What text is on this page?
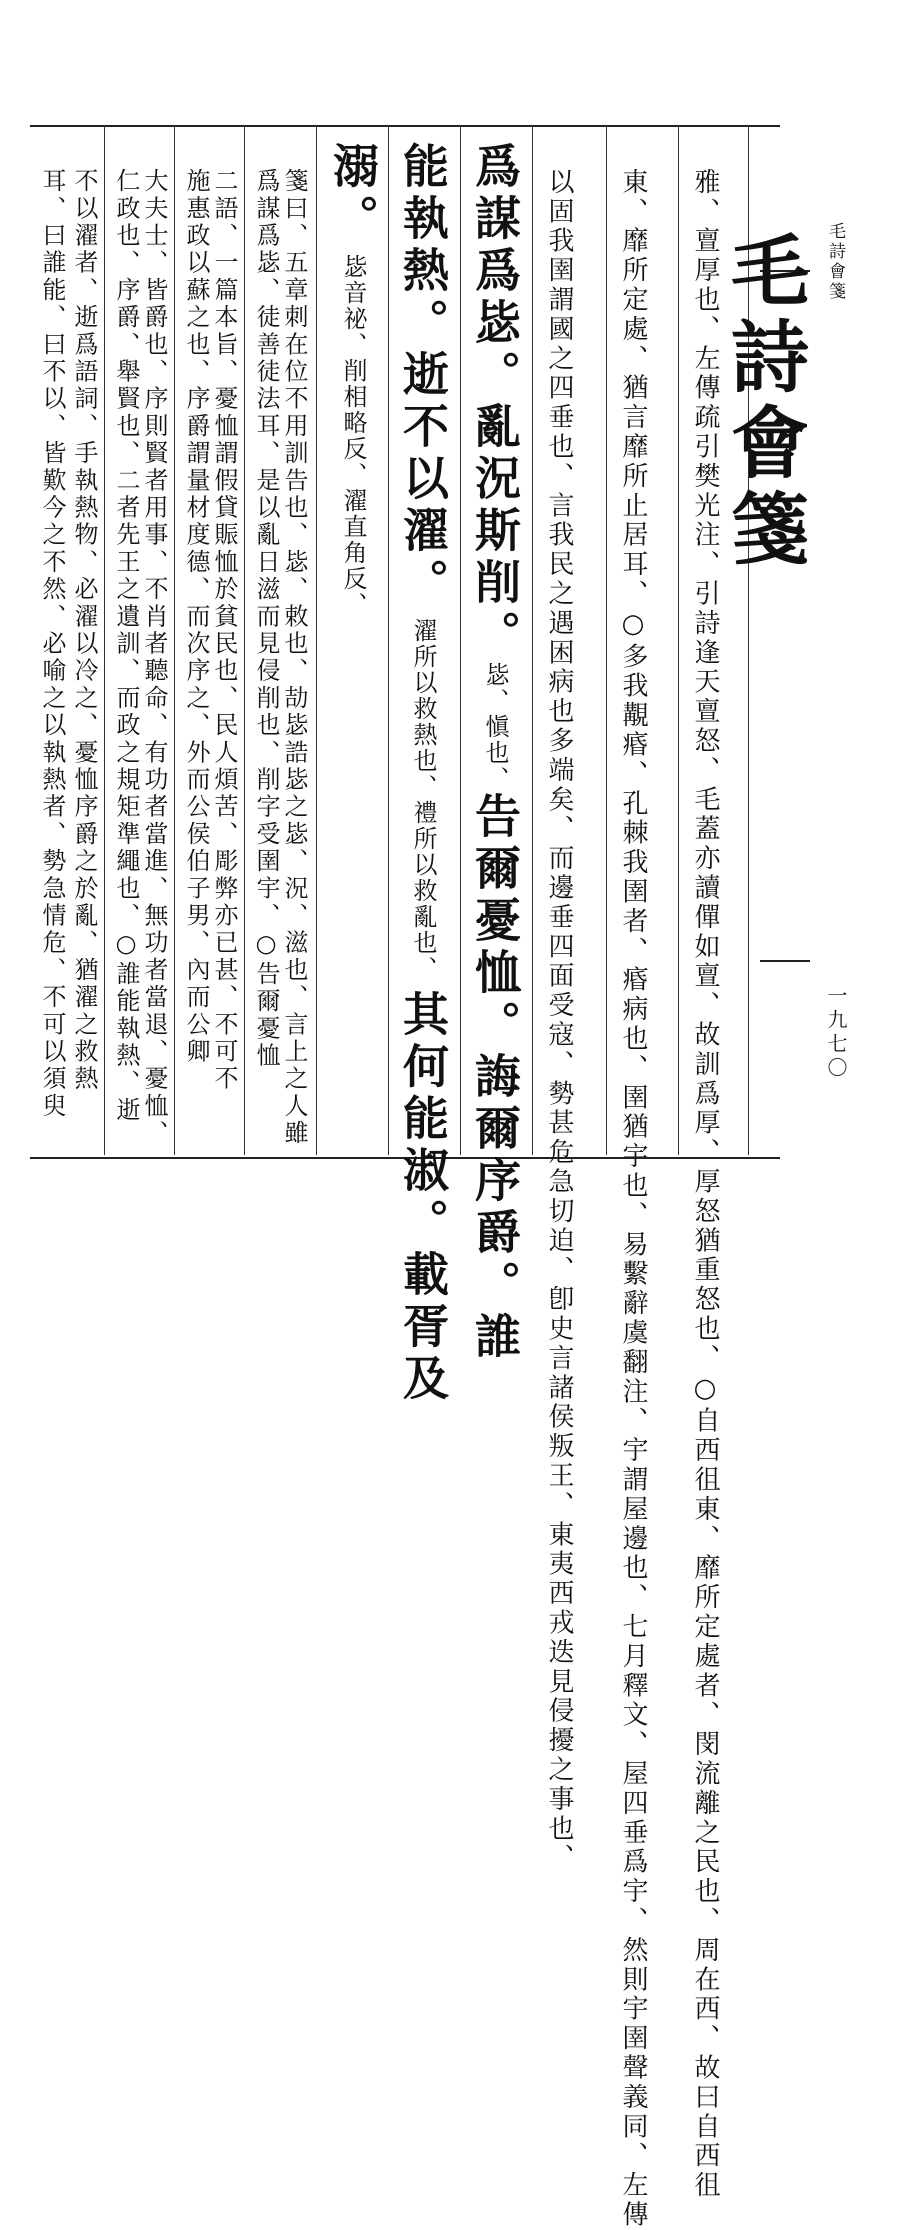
毛詩會箋 毛詩會箋
一九七〇
雅、亶厚也、左傳疏引樊光注、引詩逢天亶怒、毛蓋亦讀僤如亶、故訓爲厚、厚怒猶重怒也、○自西徂東、靡所定處者、閔流離之民也、周在西、故曰自西徂
東、靡所定處、猶言靡所止居耳、○多我覯痻、孔棘我圉者、痻病也、圉猶宇也、易繫辭虞翻注、宇謂屋邊也、七月釋文、屋四垂爲宇、然則宇圉聲義同、左傳
以固我圉謂國之四垂也、言我民之遇困病也多端矣、而邊垂四面受寇、勢甚危急切迫、卽史言諸侯叛王、東夷西戎迭見侵擾之事也、
爲謀爲毖。亂況斯削。毖、愼也、告爾憂恤。誨爾序爵。誰
能執熱。逝不以濯。濯所以救熱也、禮所以救亂也、其何能淑。載胥及
溺。毖音祕、削相略反、濯直角反、
箋曰、五章刺在位不用訓告也、毖、敕也、劼毖誥毖之毖、況、滋也、言上之人雖
爲謀爲毖、徒善徒法耳、是以亂日滋而見侵削也、削字受圉宇、○告爾憂恤
二語、一篇本旨、憂恤謂假貸賑恤於貧民也、民人煩苦、彫弊亦已甚、不可不
施惠政以蘇之也、序爵謂量材度德、而次序之、外而公侯伯子男、內而公卿
大夫士、皆爵也、序則賢者用事、不肖者聽命、有功者當進、無功者當退、憂恤、
仁政也、序爵、舉賢也、二者先王之遺訓、而政之規矩準繩也、○誰能執熱、逝
不以濯者、逝爲語詞、手執熱物、必濯以冷之、憂恤序爵之於亂、猶濯之救熱
耳、曰誰能、曰不以、皆歎今之不然、必喻之以執熱者、勢急情危、不可以須臾
